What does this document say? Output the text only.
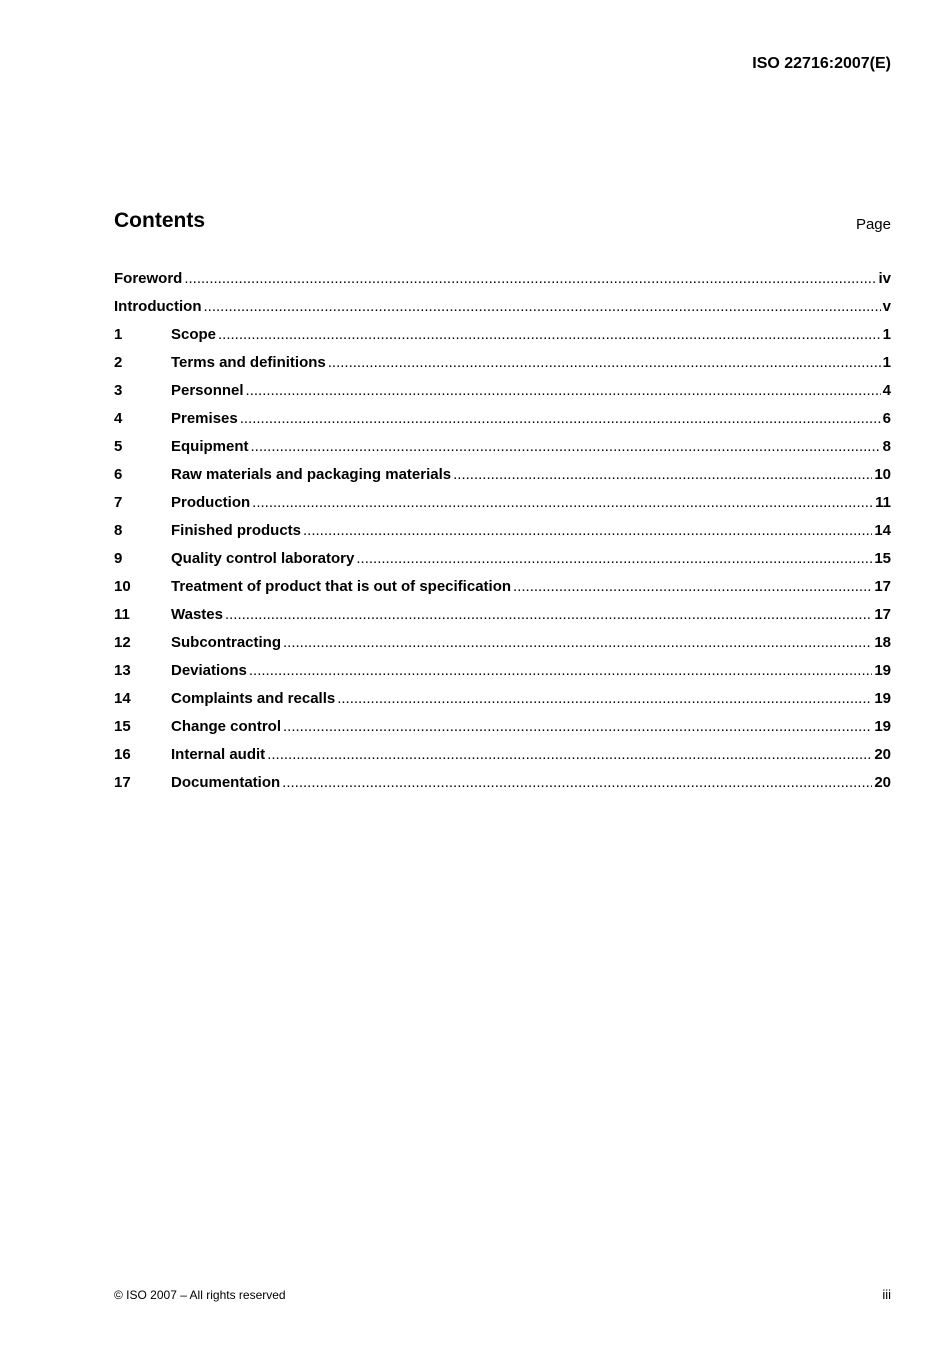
ISO 22716:2007(E)
Contents	Page
Foreword .....	iv
Introduction .....	v
1	Scope .....	1
2	Terms and definitions .....	1
3	Personnel .....	4
4	Premises .....	6
5	Equipment .....	8
6	Raw materials and packaging materials .....	10
7	Production .....	11
8	Finished products .....	14
9	Quality control laboratory .....	15
10	Treatment of product that is out of specification .....	17
11	Wastes .....	17
12	Subcontracting .....	18
13	Deviations .....	19
14	Complaints and recalls .....	19
15	Change control .....	19
16	Internal audit .....	20
17	Documentation .....	20
© ISO 2007 – All rights reserved	iii
